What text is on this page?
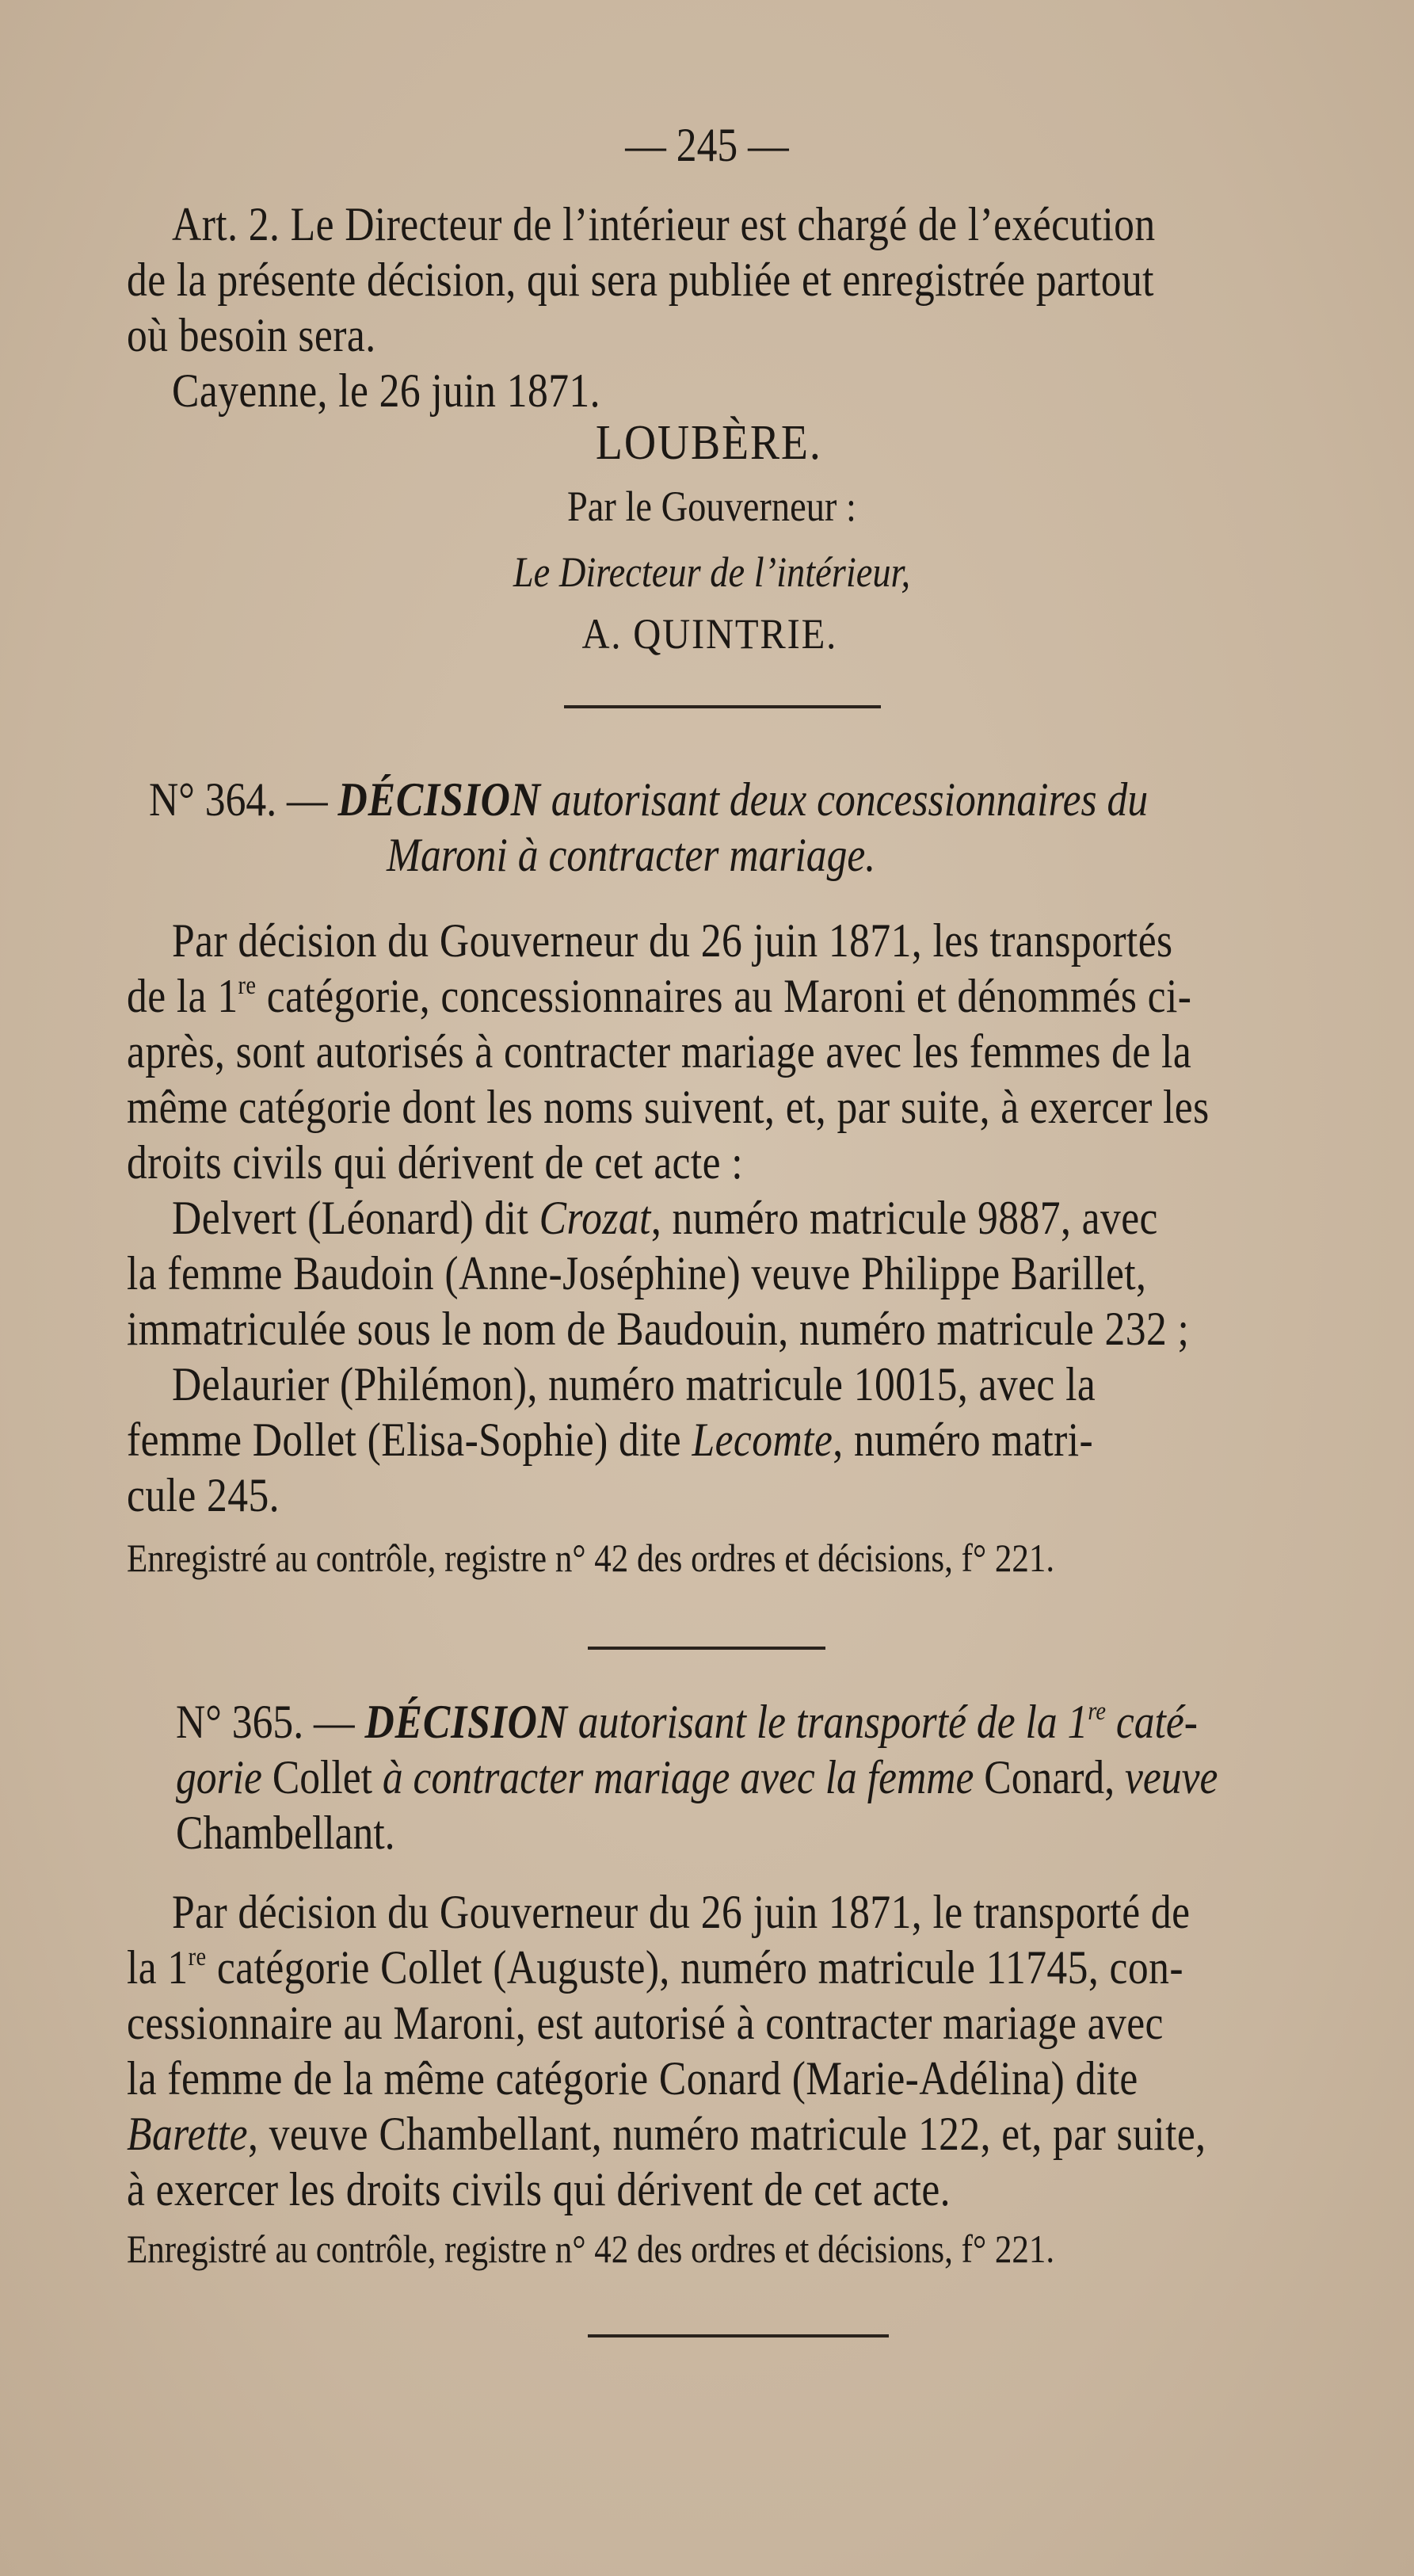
— 245 —
Art. 2. Le Directeur de l’intérieur est chargé de l’exécution
de la présente décision, qui sera publiée et enregistrée partout
où besoin sera.
Cayenne, le 26 juin 1871.
LOUBÈRE.
Par le Gouverneur :
Le Directeur de l’intérieur,
A. QUINTRIE.
N° 364. — DÉCISION autorisant deux concessionnaires du
Maroni à contracter mariage.
Par décision du Gouverneur du 26 juin 1871, les transportés
de la 1re catégorie, concessionnaires au Maroni et dénommés ci-
après, sont autorisés à contracter mariage avec les femmes de la
même catégorie dont les noms suivent, et, par suite, à exercer les
droits civils qui dérivent de cet acte :
Delvert (Léonard) dit Crozat, numéro matricule 9887, avec
la femme Baudoin (Anne-Joséphine) veuve Philippe Barillet,
immatriculée sous le nom de Baudouin, numéro matricule 232 ;
Delaurier (Philémon), numéro matricule 10015, avec la
femme Dollet (Elisa-Sophie) dite Lecomte, numéro matri-
cule 245.
Enregistré au contrôle, registre n° 42 des ordres et décisions, f° 221.
N° 365. — DÉCISION autorisant le transporté de la 1re caté-
gorie Collet à contracter mariage avec la femme Conard, veuve
Chambellant.
Par décision du Gouverneur du 26 juin 1871, le transporté de
la 1re catégorie Collet (Auguste), numéro matricule 11745, con-
cessionnaire au Maroni, est autorisé à contracter mariage avec
la femme de la même catégorie Conard (Marie-Adélina) dite
Barette, veuve Chambellant, numéro matricule 122, et, par suite,
à exercer les droits civils qui dérivent de cet acte.
Enregistré au contrôle, registre n° 42 des ordres et décisions, f° 221.
